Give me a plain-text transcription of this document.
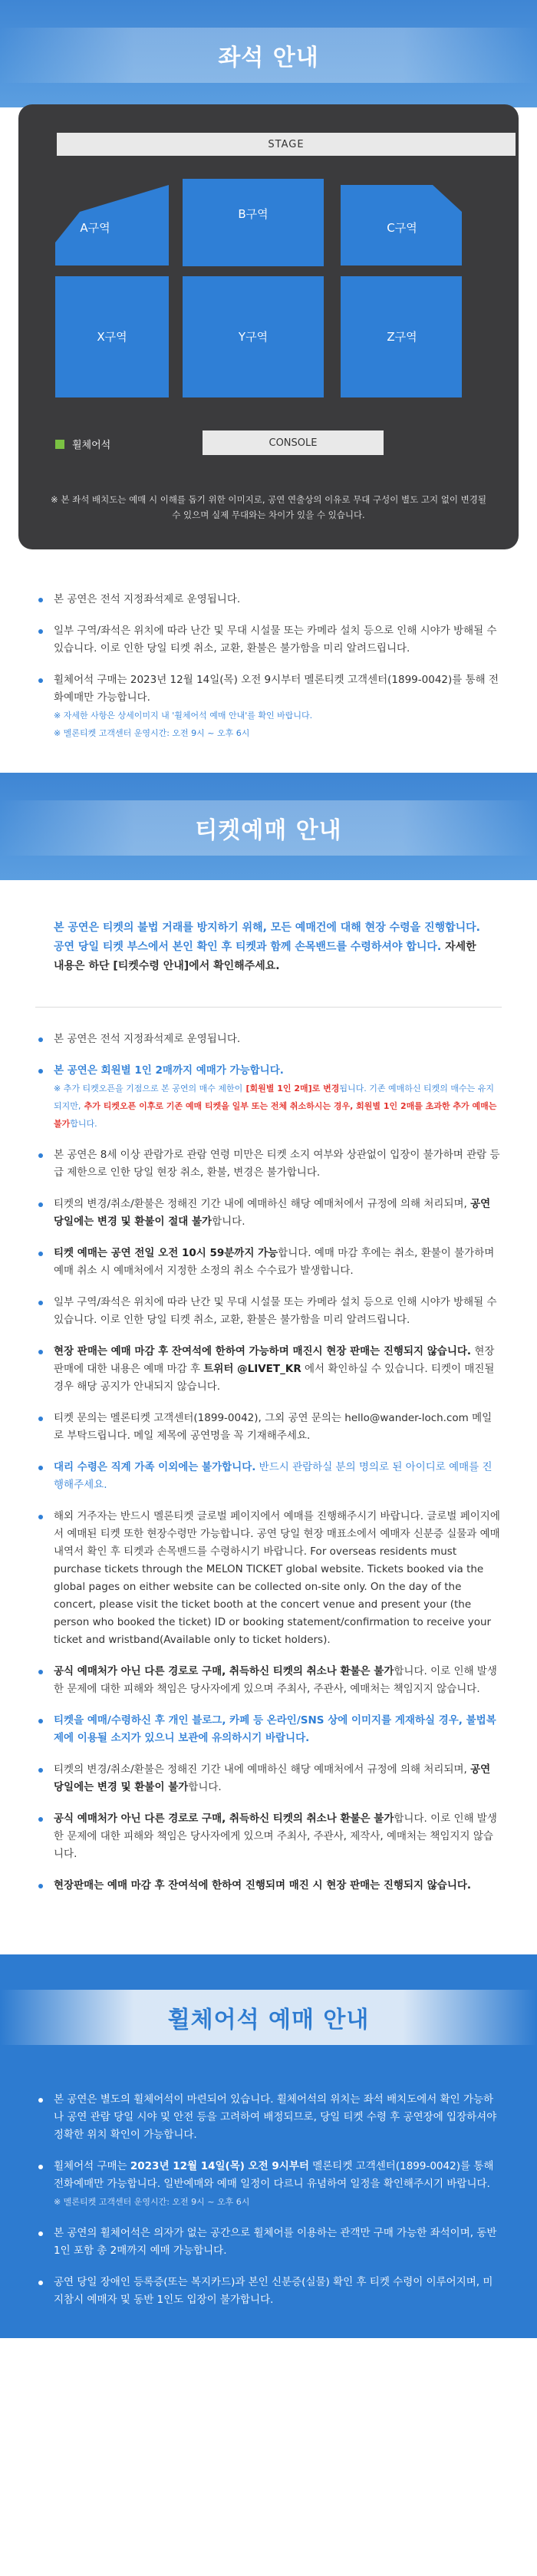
좌석 안내
STAGE
A구역
B구역
C구역
X구역	Y구역	Z구역
휠체어석	CONSOLE
※ 본 좌석 배치도는 예매 시 이해를 돕기 위한 이미지로, 공연 연출상의 이유로 무대 구성이 별도 고지 없이 변경될 수 있으며 실제 무대와는 차이가 있을 수 있습니다.
본 공연은 전석 지정좌석제로 운영됩니다.
일부 구역/좌석은 위치에 따라 난간 및 무대 시설물 또는 카메라 설치 등으로 인해 시야가 방해될 수 있습니다. 이로 인한 당일 티켓 취소, 교환, 환불은 불가함을 미리 알려드립니다.
휠체어석 구매는 2023년 12월 14일(목) 오전 9시부터 멜론티켓 고객센터(1899-0042)를 통해 전화예매만 가능합니다.
※ 자세한 사항은 상세이미지 내 '휠체어석 예매 안내'를 확인 바랍니다.
※ 멜론티켓 고객센터 운영시간: 오전 9시 ~ 오후 6시
티켓예매 안내
본 공연은 티켓의 불법 거래를 방지하기 위해, 모든 예매건에 대해 현장 수령을 진행합니다. 공연 당일 티켓 부스에서 본인 확인 후 티켓과 함께 손목밴드를 수령하셔야 합니다. 자세한 내용은 하단 [티켓수령 안내]에서 확인해주세요.
본 공연은 전석 지정좌석제로 운영됩니다.
본 공연은 회원별 1인 2매까지 예매가 가능합니다.
※ 추가 티켓오픈을 기점으로 본 공연의 매수 제한이 [회원별 1인 2매]로 변경됩니다. 기존 예매하신 티켓의 매수는 유지되지만, 추가 티켓오픈 이후로 기존 예매 티켓을 일부 또는 전체 취소하시는 경우, 회원별 1인 2매를 초과한 추가 예매는 불가합니다.
본 공연은 8세 이상 관람가로 관람 연령 미만은 티켓 소지 여부와 상관없이 입장이 불가하며 관람 등급 제한으로 인한 당일 현장 취소, 환불, 변경은 불가합니다.
티켓의 변경/취소/환불은 정해진 기간 내에 예매하신 해당 예매처에서 규정에 의해 처리되며, 공연 당일에는 변경 및 환불이 절대 불가합니다.
티켓 예매는 공연 전일 오전 10시 59분까지 가능합니다. 예매 마감 후에는 취소, 환불이 불가하며 예매 취소 시 예매처에서 지정한 소정의 취소 수수료가 발생합니다.
일부 구역/좌석은 위치에 따라 난간 및 무대 시설물 또는 카메라 설치 등으로 인해 시야가 방해될 수 있습니다. 이로 인한 당일 티켓 취소, 교환, 환불은 불가함을 미리 알려드립니다.
현장 판매는 예매 마감 후 잔여석에 한하여 가능하며 매진시 현장 판매는 진행되지 않습니다. 현장 판매에 대한 내용은 예매 마감 후 트위터 @LIVET_KR 에서 확인하실 수 있습니다. 티켓이 매진될 경우 해당 공지가 안내되지 않습니다.
티켓 문의는 멜론티켓 고객센터(1899-0042), 그외 공연 문의는 hello@wander-loch.com 메일로 부탁드립니다. 메일 제목에 공연명을 꼭 기재해주세요.
대리 수령은 직계 가족 이외에는 불가합니다. 반드시 관람하실 분의 명의로 된 아이디로 예매를 진행해주세요.
해외 거주자는 반드시 멜론티켓 글로벌 페이지에서 예매를 진행해주시기 바랍니다. 글로벌 페이지에서 예매된 티켓 또한 현장수령만 가능합니다. 공연 당일 현장 매표소에서 예매자 신분증 실물과 예매 내역서 확인 후 티켓과 손목밴드를 수령하시기 바랍니다. For overseas residents must purchase tickets through the MELON TICKET global website. Tickets booked via the global pages on either website can be collected on-site only. On the day of the concert, please visit the ticket booth at the concert venue and present your (the person who booked the ticket) ID or booking statement/confirmation to receive your ticket and wristband(Available only to ticket holders).
공식 예매처가 아닌 다른 경로로 구매, 취득하신 티켓의 취소나 환불은 불가합니다. 이로 인해 발생한 문제에 대한 피해와 책임은 당사자에게 있으며 주최사, 주관사, 예매처는 책임지지 않습니다.
티켓을 예매/수령하신 후 개인 블로그, 카페 등 온라인/SNS 상에 이미지를 게재하실 경우, 불법복제에 이용될 소지가 있으니 보관에 유의하시기 바랍니다.
티켓의 변경/취소/환불은 정해진 기간 내에 예매하신 해당 예매처에서 규정에 의해 처리되며, 공연 당일에는 변경 및 환불이 불가합니다.
공식 예매처가 아닌 다른 경로로 구매, 취득하신 티켓의 취소나 환불은 불가합니다. 이로 인해 발생한 문제에 대한 피해와 책임은 당사자에게 있으며 주최사, 주관사, 제작사, 예매처는 책임지지 않습니다.
현장판매는 예매 마감 후 잔여석에 한하여 진행되며 매진 시 현장 판매는 진행되지 않습니다.
휠체어석 예매 안내
본 공연은 별도의 휠체어석이 마련되어 있습니다. 휠체어석의 위치는 좌석 배치도에서 확인 가능하나 공연 관람 당일 시야 및 안전 등을 고려하여 배정되므로, 당일 티켓 수령 후 공연장에 입장하셔야 정확한 위치 확인이 가능합니다.
휠체어석 구매는 2023년 12월 14일(목) 오전 9시부터 멜론티켓 고객센터(1899-0042)를 통해 전화예매만 가능합니다. 일반예매와 예매 일정이 다르니 유념하여 일정을 확인해주시기 바랍니다.
※ 멜론티켓 고객센터 운영시간: 오전 9시 ~ 오후 6시
본 공연의 휠체어석은 의자가 없는 공간으로 휠체어를 이용하는 관객만 구매 가능한 좌석이며, 동반 1인 포함 총 2매까지 예매 가능합니다.
공연 당일 장애인 등록증(또는 복지카드)과 본인 신분증(실물) 확인 후 티켓 수령이 이루어지며, 미지참시 예매자 및 동반 1인도 입장이 불가합니다.
